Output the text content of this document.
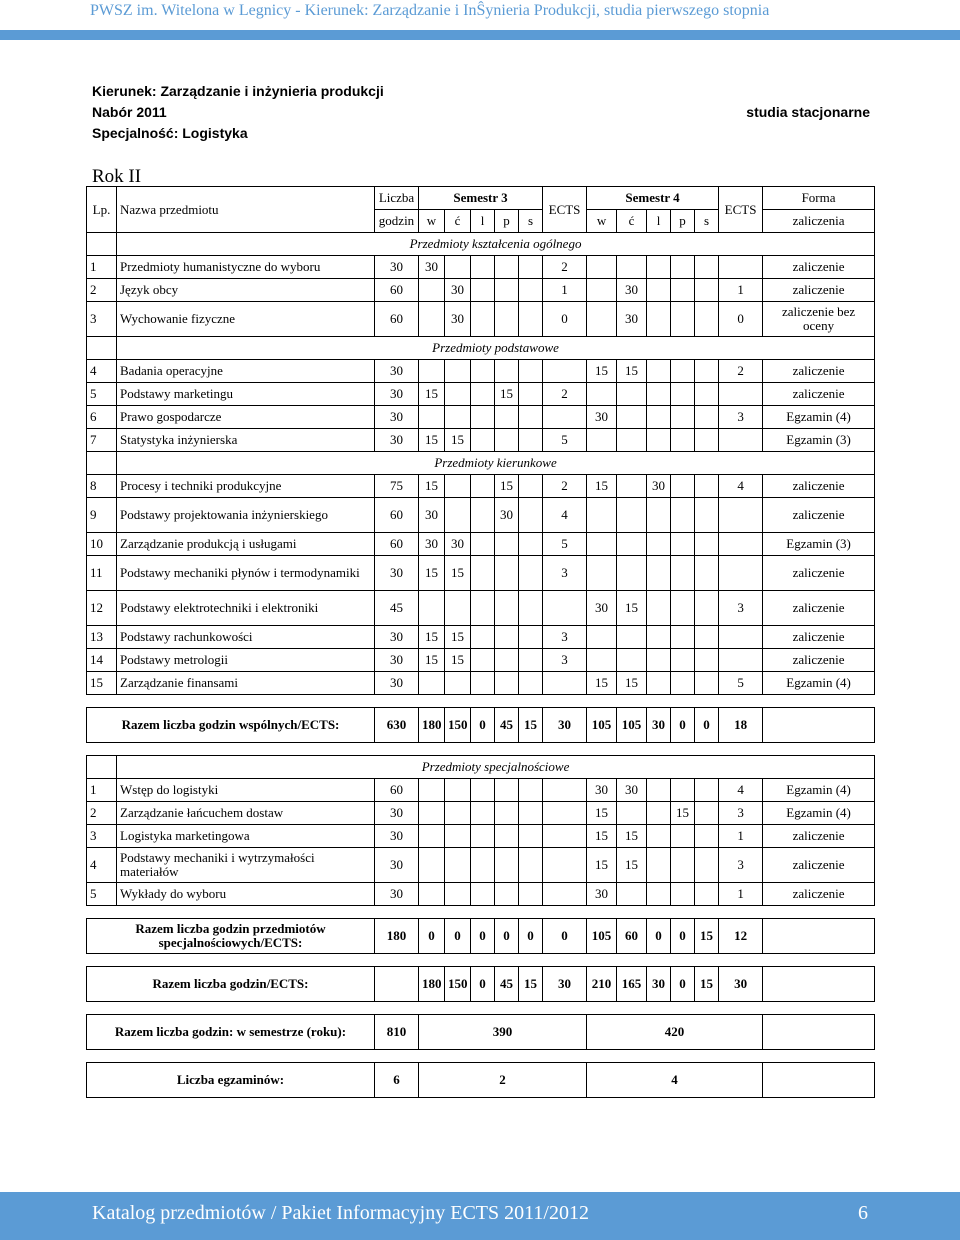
PWSZ im. Witelona w Legnicy - Kierunek: Zarządzanie i InŜynieria Produkcji, studia pierwszego stopnia
Kierunek: Zarządzanie i inżynieria produkcji
Nabór 2011
Specjalność: Logistyka
studia stacjonarne
Rok II
Lp.	Nazwa przedmiotu	Liczba	Semestr 3					ECTS	Semestr 4					ECTS	Forma
		godzin	w	ć	l	p	s		w	ć	l	p	s		zaliczenia
	Przedmioty kształcenia ogólnego														
1	Przedmioty humanistyczne do wyboru	30	30					2							zaliczenie
2	Język obcy	60		30				1		30				1	zaliczenie
3	Wychowanie fizyczne	60		30				0		30				0	zaliczenie bez oceny
	Przedmioty podstawowe														
4	Badania operacyjne	30							15	15				2	zaliczenie
5	Podstawy marketingu	30	15			15		2							zaliczenie
6	Prawo gospodarcze	30							30					3	Egzamin (4)
7	Statystyka inżynierska	30	15	15				5							Egzamin (3)
	Przedmioty kierunkowe														
8	Procesy i techniki produkcyjne	75	15			15		2	15		30			4	zaliczenie
9	Podstawy projektowania inżynierskiego	60	30			30		4							zaliczenie
10	Zarządzanie produkcją i usługami	60	30	30				5							Egzamin (3)
11	Podstawy mechaniki płynów i termodynamiki	30	15	15				3							zaliczenie
12	Podstawy elektrotechniki i elektroniki	45							30	15				3	zaliczenie
13	Podstawy rachunkowości	30	15	15				3							zaliczenie
14	Podstawy metrologii	30	15	15				3							zaliczenie
15	Zarządzanie finansami	30							15	15				5	Egzamin (4)

Razem liczba godzin wspólnych/ECTS:		630	180	150	0	45	15	30	105	105	30	0	0	18	

	Przedmioty specjalnościowe														
1	Wstęp do logistyki	60							30	30				4	Egzamin (4)
2	Zarządzanie łańcuchem dostaw	30							15			15		3	Egzamin (4)
3	Logistyka marketingowa	30							15	15				1	zaliczenie
4	Podstawy mechaniki i wytrzymałości materiałów	30							15	15				3	zaliczenie
5	Wykłady do wyboru	30							30					1	zaliczenie

Razem liczba godzin przedmiotów specjalnościowych/ECTS:		180	0	0	0	0	0	0	105	60	0	0	15	12	

Razem liczba godzin/ECTS:			180	150	0	45	15	30	210	165	30	0	15	30	

Razem liczba godzin: w semestrze (roku):		810	390						420						

Liczba egzaminów:		6	2						4						
Katalog przedmiotów / Pakiet Informacyjny ECTS 2011/2012	6
